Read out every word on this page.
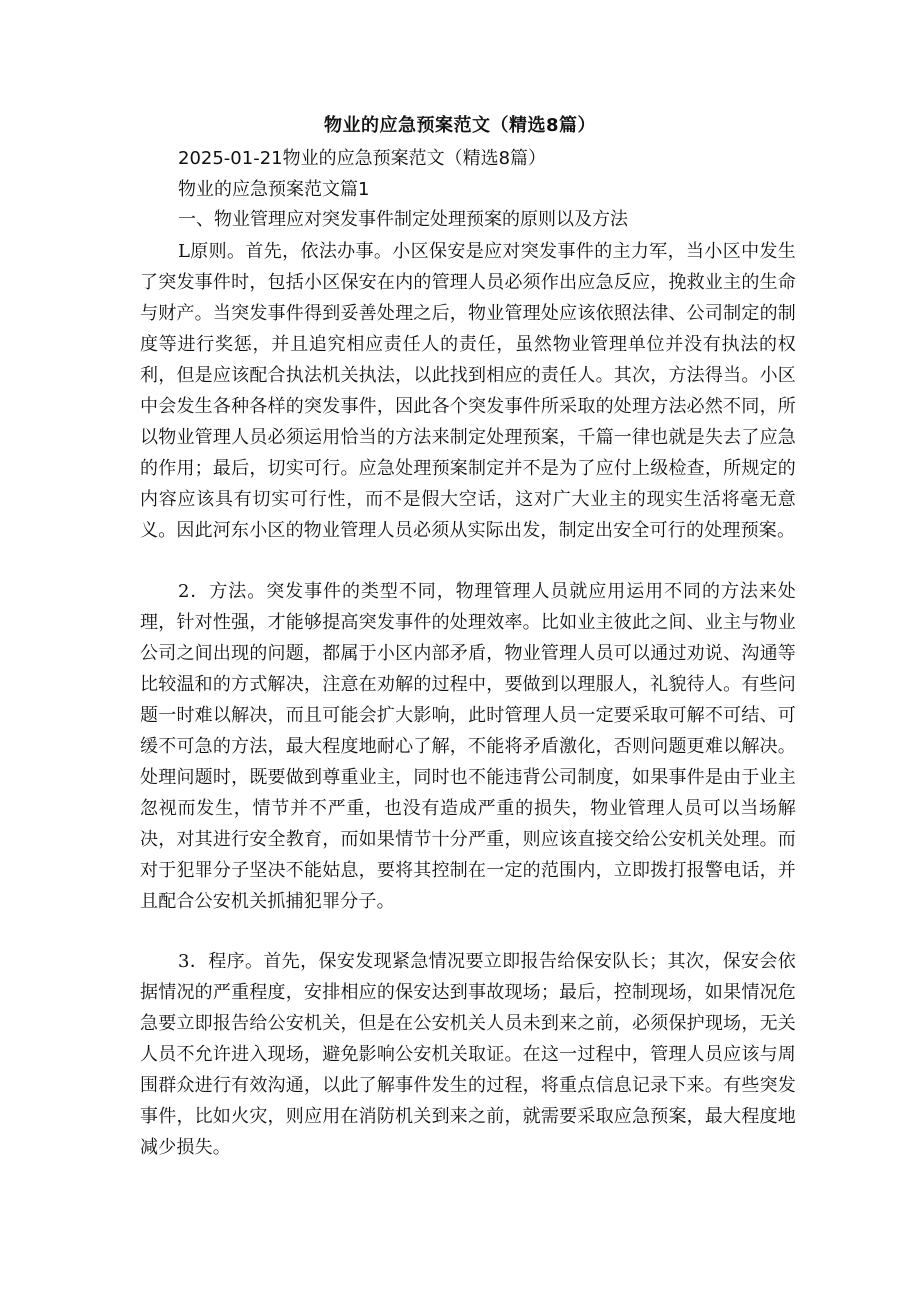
物业的应急预案范文（精选8篇）
2025-01-21物业的应急预案范文（精选8篇）
物业的应急预案范文篇1
一、物业管理应对突发事件制定处理预案的原则以及方法

L原则。首先，依法办事。小区保安是应对突发事件的主力军，当小区中发生了突发事件时，包括小区保安在内的管理人员必须作出应急反应，挽救业主的生命与财产。当突发事件得到妥善处理之后，物业管理处应该依照法律、公司制定的制度等进行奖惩，并且追究相应责任人的责任，虽然物业管理单位并没有执法的权利，但是应该配合执法机关执法，以此找到相应的责任人。其次，方法得当。小区中会发生各种各样的突发事件，因此各个突发事件所采取的处理方法必然不同，所以物业管理人员必须运用恰当的方法来制定处理预案，千篇一律也就是失去了应急的作用；最后，切实可行。应急处理预案制定并不是为了应付上级检查，所规定的内容应该具有切实可行性，而不是假大空话，这对广大业主的现实生活将毫无意义。因此河东小区的物业管理人员必须从实际出发，制定出安全可行的处理预案。

2．方法。突发事件的类型不同，物理管理人员就应用运用不同的方法来处理，针对性强，才能够提高突发事件的处理效率。比如业主彼此之间、业主与物业公司之间出现的问题，都属于小区内部矛盾，物业管理人员可以通过劝说、沟通等比较温和的方式解决，注意在劝解的过程中，要做到以理服人，礼貌待人。有些问题一时难以解决，而且可能会扩大影响，此时管理人员一定要采取可解不可结、可缓不可急的方法，最大程度地耐心了解，不能将矛盾激化，否则问题更难以解决。处理问题时，既要做到尊重业主，同时也不能违背公司制度，如果事件是由于业主忽视而发生，情节并不严重，也没有造成严重的损失，物业管理人员可以当场解决，对其进行安全教育，而如果情节十分严重，则应该直接交给公安机关处理。而对于犯罪分子坚决不能姑息，要将其控制在一定的范围内，立即拨打报警电话，并且配合公安机关抓捕犯罪分子。

3．程序。首先，保安发现紧急情况要立即报告给保安队长；其次，保安会依据情况的严重程度，安排相应的保安达到事故现场；最后，控制现场，如果情况危急要立即报告给公安机关，但是在公安机关人员未到来之前，必须保护现场，无关人员不允许进入现场，避免影响公安机关取证。在这一过程中，管理人员应该与周围群众进行有效沟通，以此了解事件发生的过程，将重点信息记录下来。有些突发事件，比如火灾，则应用在消防机关到来之前，就需要采取应急预案，最大程度地减少损失。
